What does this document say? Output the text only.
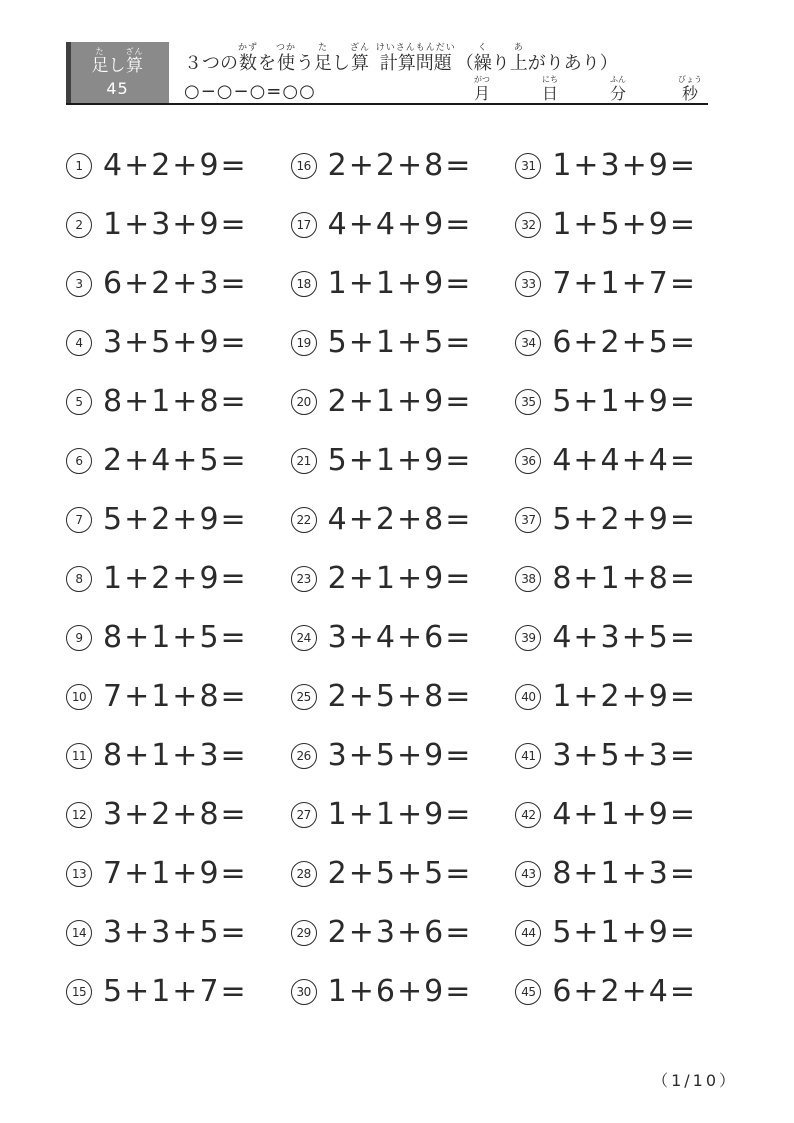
た
足
し
ざん
算
45

３つの
かず
数
を
つか
使
う
た
足
し
ざん
算

けいさんもんだい
計算問題
（
く
繰
り
あ
上
がりあり）
○−○−○=○○
がつ
月
にち
日
ふん
分
びょう
秒
1 4+2+9=
2 1+3+9=
3 6+2+3=
4 3+5+9=
5 8+1+8=
6 2+4+5=
7 5+2+9=
8 1+2+9=
9 8+1+5=
10 7+1+8=
11 8+1+3=
12 3+2+8=
13 7+1+9=
14 3+3+5=
15 5+1+7=
16 2+2+8=
17 4+4+9=
18 1+1+9=
19 5+1+5=
20 2+1+9=
21 5+1+9=
22 4+2+8=
23 2+1+9=
24 3+4+6=
25 2+5+8=
26 3+5+9=
27 1+1+9=
28 2+5+5=
29 2+3+6=
30 1+6+9=
31 1+3+9=
32 1+5+9=
33 7+1+7=
34 6+2+5=
35 5+1+9=
36 4+4+4=
37 5+2+9=
38 8+1+8=
39 4+3+5=
40 1+2+9=
41 3+5+3=
42 4+1+9=
43 8+1+3=
44 5+1+9=
45 6+2+4=
（1/10）
